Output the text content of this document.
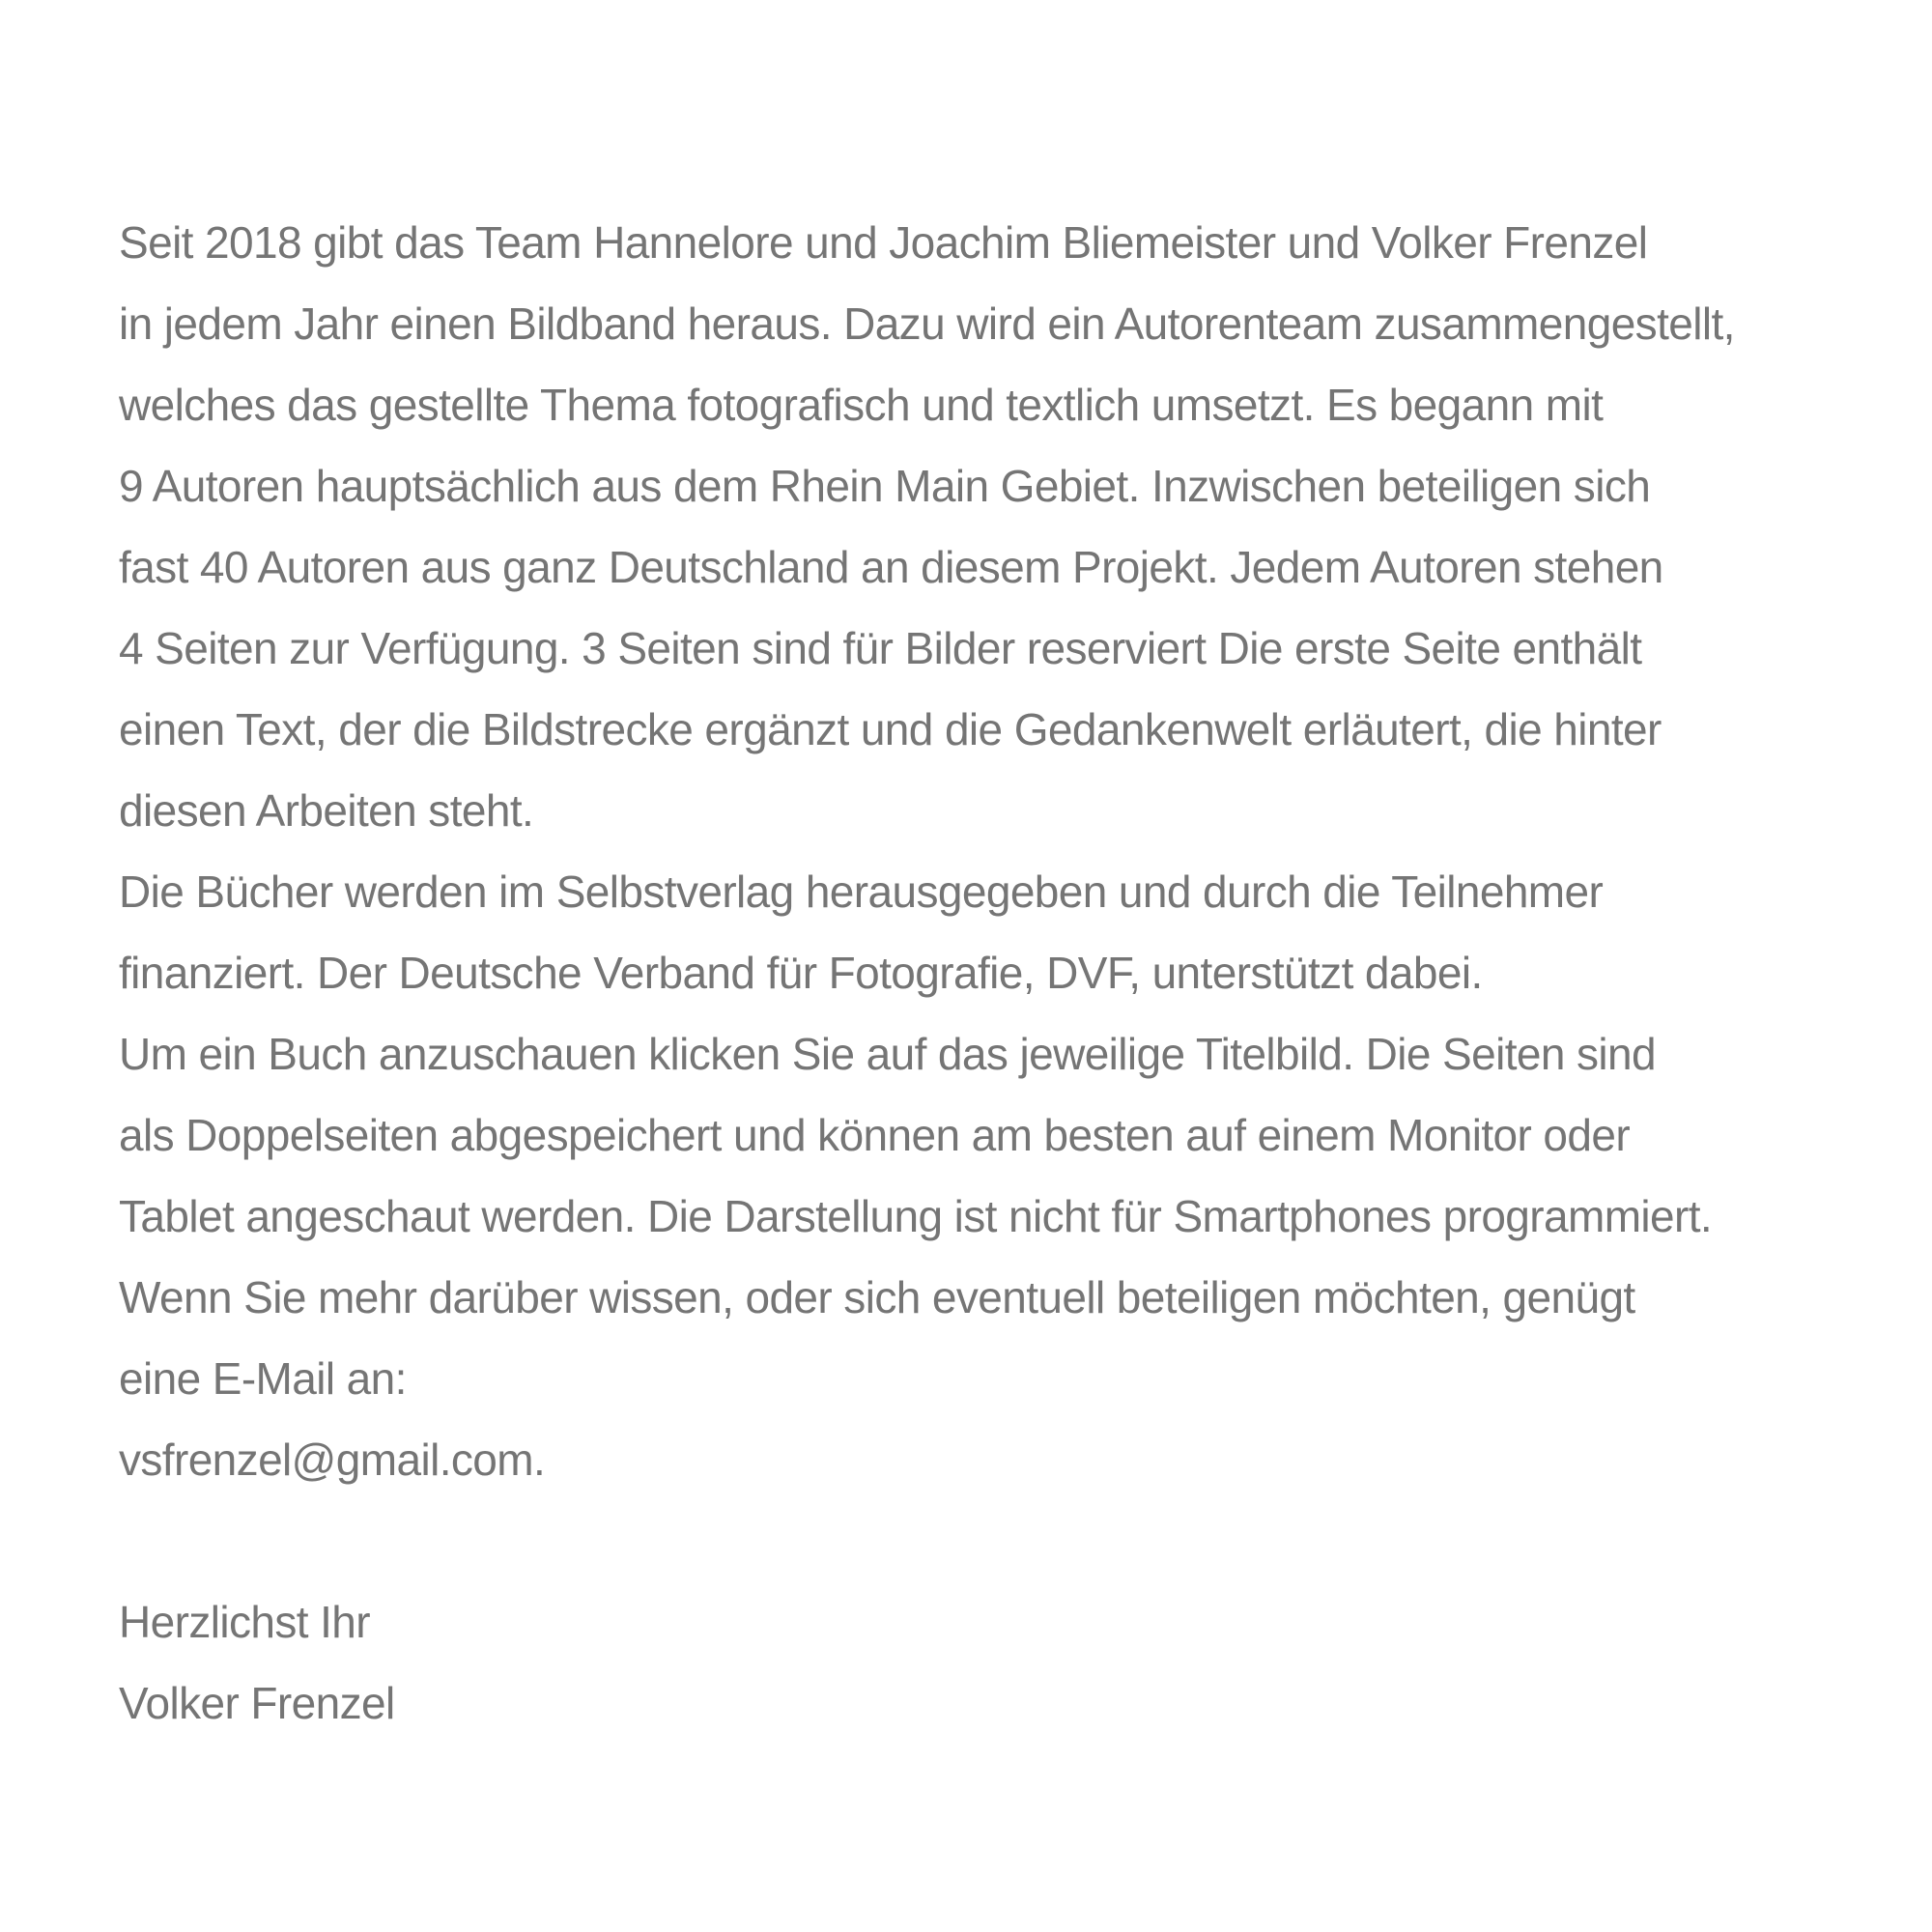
Seit 2018 gibt das Team Hannelore und Joachim Bliemeister und Volker Frenzel
in jedem Jahr einen Bildband heraus. Dazu wird ein Autorenteam zusammengestellt,
welches das gestellte Thema fotografisch und textlich umsetzt. Es begann mit
9 Autoren hauptsächlich aus dem Rhein Main Gebiet. Inzwischen beteiligen sich
fast 40 Autoren aus ganz Deutschland an diesem Projekt. Jedem Autoren stehen
4 Seiten zur Verfügung. 3 Seiten sind für Bilder reserviert Die erste Seite enthält
einen Text, der die Bildstrecke ergänzt und die Gedankenwelt erläutert, die hinter
diesen Arbeiten steht.
Die Bücher werden im Selbstverlag herausgegeben und durch die Teilnehmer
finanziert. Der Deutsche Verband für Fotografie, DVF, unterstützt dabei.
Um ein Buch anzuschauen klicken Sie auf das jeweilige Titelbild. Die Seiten sind
als Doppelseiten abgespeichert und können am besten auf einem Monitor oder
Tablet angeschaut werden. Die Darstellung ist nicht für Smartphones programmiert.
Wenn Sie mehr darüber wissen, oder sich eventuell beteiligen möchten, genügt
eine E-Mail an:
vsfrenzel@gmail.com.
Herzlichst Ihr
Volker Frenzel
